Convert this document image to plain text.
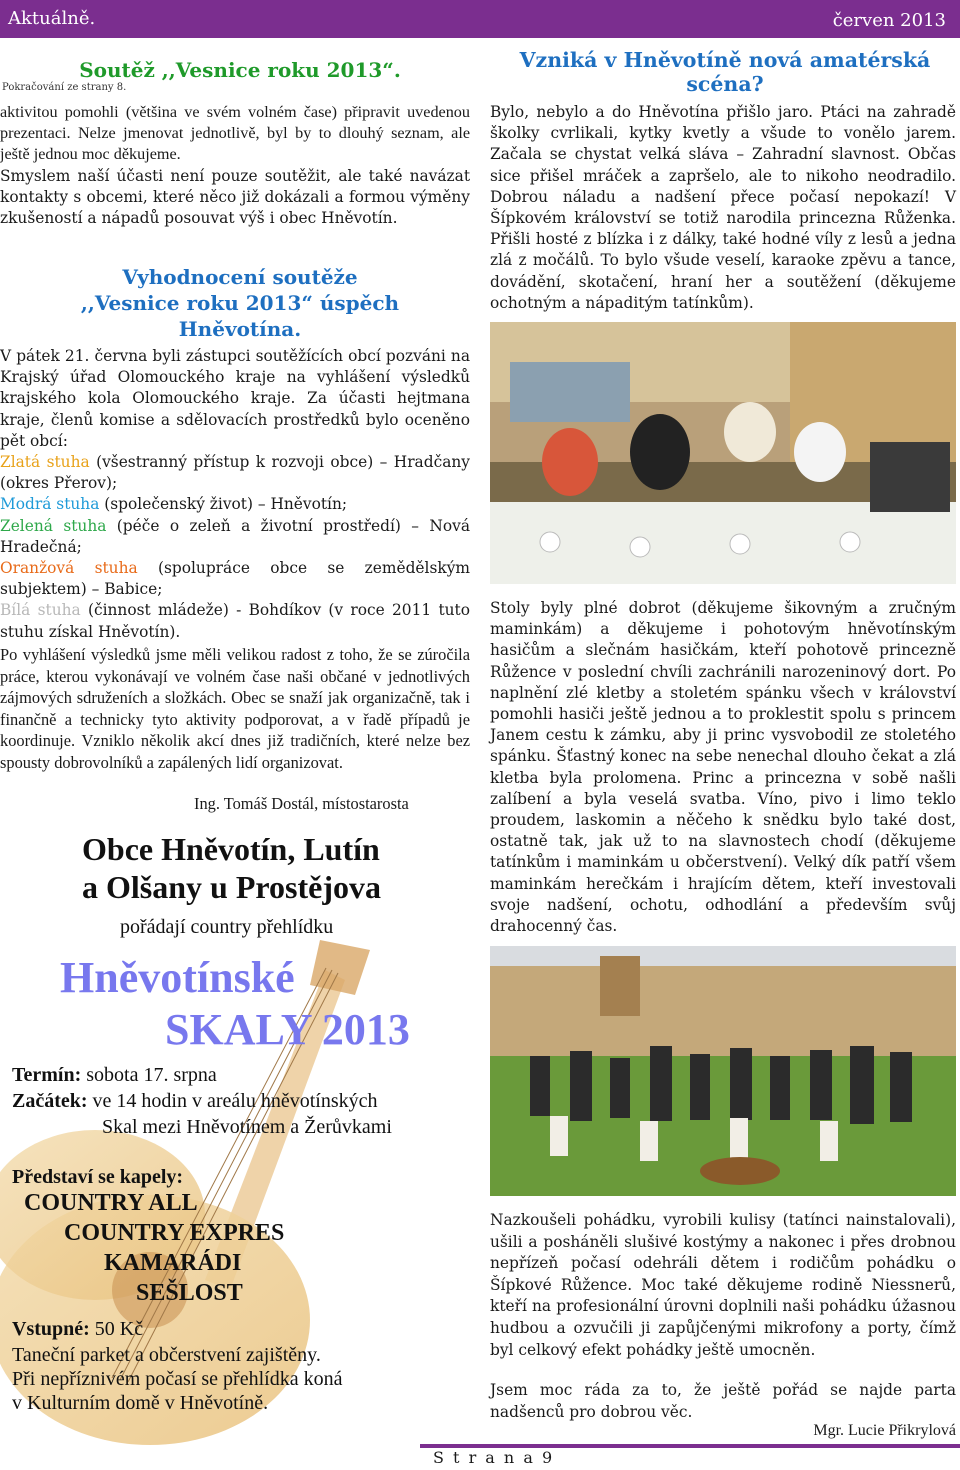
Aktuálně.	červen 2013
Soutěž ,,Vesnice roku 2013“.
Pokračování ze strany 8.
aktivitou pomohli (většina ve svém volném čase) připravit uvedenou prezentaci. Nelze jmenovat jednotlivě, byl by to dlouhý seznam, ale ještě jednou moc děkujeme.
Smyslem naší účasti není pouze soutěžit, ale také navázat kontakty s obcemi, které něco již dokázali a formou výměny zkušeností a nápadů posouvat výš i obec Hněvotín.
Vyhodnocení soutěže
,,Vesnice roku 2013“ úspěch
Hněvotína.
V pátek 21. června byli zástupci soutěžících obcí pozváni na Krajský úřad Olomouckého kraje na vyhlášení výsledků krajského kola Olomouckého kraje. Za účasti hejtmana kraje, členů komise a sdělovacích prostředků bylo oceněno pět obcí:

Zlatá stuha (všestranný přístup k rozvoji obce) – Hradčany (okres Přerov);

Modrá stuha (společenský život) – Hněvotín;

Zelená stuha (péče o zeleň a životní prostředí) – Nová Hradečná;

Oranžová stuha (spolupráce obce se zemědělským subjektem) – Babice;

Bílá stuha (činnost mládeže) - Bohdíkov (v roce 2011 tuto stuhu získal Hněvotín).

Po vyhlášení výsledků jsme měli velikou radost z toho, že se zúročila práce, kterou vykonávají ve volném čase naši občané v jednotlivých zájmových sdruženích a složkách. Obec se snaží jak organizačně, tak i finančně a technicky tyto aktivity podporovat, a v řadě případů je koordinuje. Vzniklo několik akcí dnes již tradičních, které nelze bez spousty dobrovolníků a zapálených lidí organizovat.
Ing. Tomáš Dostál, místostarosta
Obce Hněvotín, Lutín
a Olšany u Prostějova
pořádají country přehlídku
Hněvotínské
SKALY 2013
Termín: sobota 17. srpna
Začátek: ve 14 hodin v areálu hněvotínských
Skal mezi Hněvotínem a Žerůvkami
Představí se kapely:
COUNTRY ALL
COUNTRY EXPRES
KAMARÁDI
SEŠLOST
Vstupné: 50 Kč
Taneční parket a občerstvení zajištěny.
Při nepříznivém počasí se přehlídka koná
v Kulturním domě v Hněvotíně.
Vzniká v Hněvotíně nová amatérská scéna?
Bylo, nebylo a do Hněvotína přišlo jaro. Ptáci na zahradě školky cvrlikali, kytky kvetly a všude to vonělo jarem. Začala se chystat velká sláva – Zahradní slavnost. Občas sice přišel mráček a zapršelo, ale to nikoho neodradilo. Dobrou náladu a nadšení přece počasí nepokazí! V Šípkovém království se totiž narodila princezna Růženka. Přišli hosté z blízka i z dálky, také hodné víly z lesů a jedna zlá z močálů. To bylo všude veselí, karaoke zpěvu a tance, dovádění, skotačení, hraní her a soutěžení (děkujeme ochotným a nápaditým tatínkům).
Stoly byly plné dobrot (děkujeme šikovným a zručným maminkám) a děkujeme i pohotovým hněvotínským hasičům a slečnám hasičkám, kteří pohotově princezně Růžence v poslední chvíli zachránili narozeninový dort. Po naplnění zlé kletby a stoletém spánku všech v království pomohli hasiči ještě jednou a to proklestit spolu s princem Janem cestu k zámku, aby ji princ vysvobodil ze stoletého spánku. Šťastný konec na sebe nenechal dlouho čekat a zlá kletba byla prolomena. Princ a princezna v sobě našli zalíbení a byla veselá svatba. Víno, pivo i limo teklo proudem, laskomin a něčeho k snědku bylo také dost, ostatně tak, jak už to na slavnostech chodí (děkujeme tatínkům i maminkám u občerstvení). Velký dík patří všem maminkám herečkám i hrajícím dětem, kteří investovali svoje nadšení, ochotu, odhodlání a především svůj drahocenný čas.
Nazkoušeli pohádku, vyrobili kulisy (tatínci nainstalovali), ušili a posháněli slušivé kostýmy a nakonec i přes drobnou nepřízeň počasí odehráli dětem i rodičům pohádku o Šípkové Růžence. Moc také děkujeme rodině Niessnerů, kteří na profesionální úrovni doplnili naši pohádku úžasnou hudbou a ozvučili ji zapůjčenými mikrofony a porty, čímž byl celkový efekt pohádky ještě umocněn.
Jsem moc ráda za to, že ještě pořád se najde parta nadšenců pro dobrou věc.
Mgr. Lucie Přikrylová
S t r a n a 9
